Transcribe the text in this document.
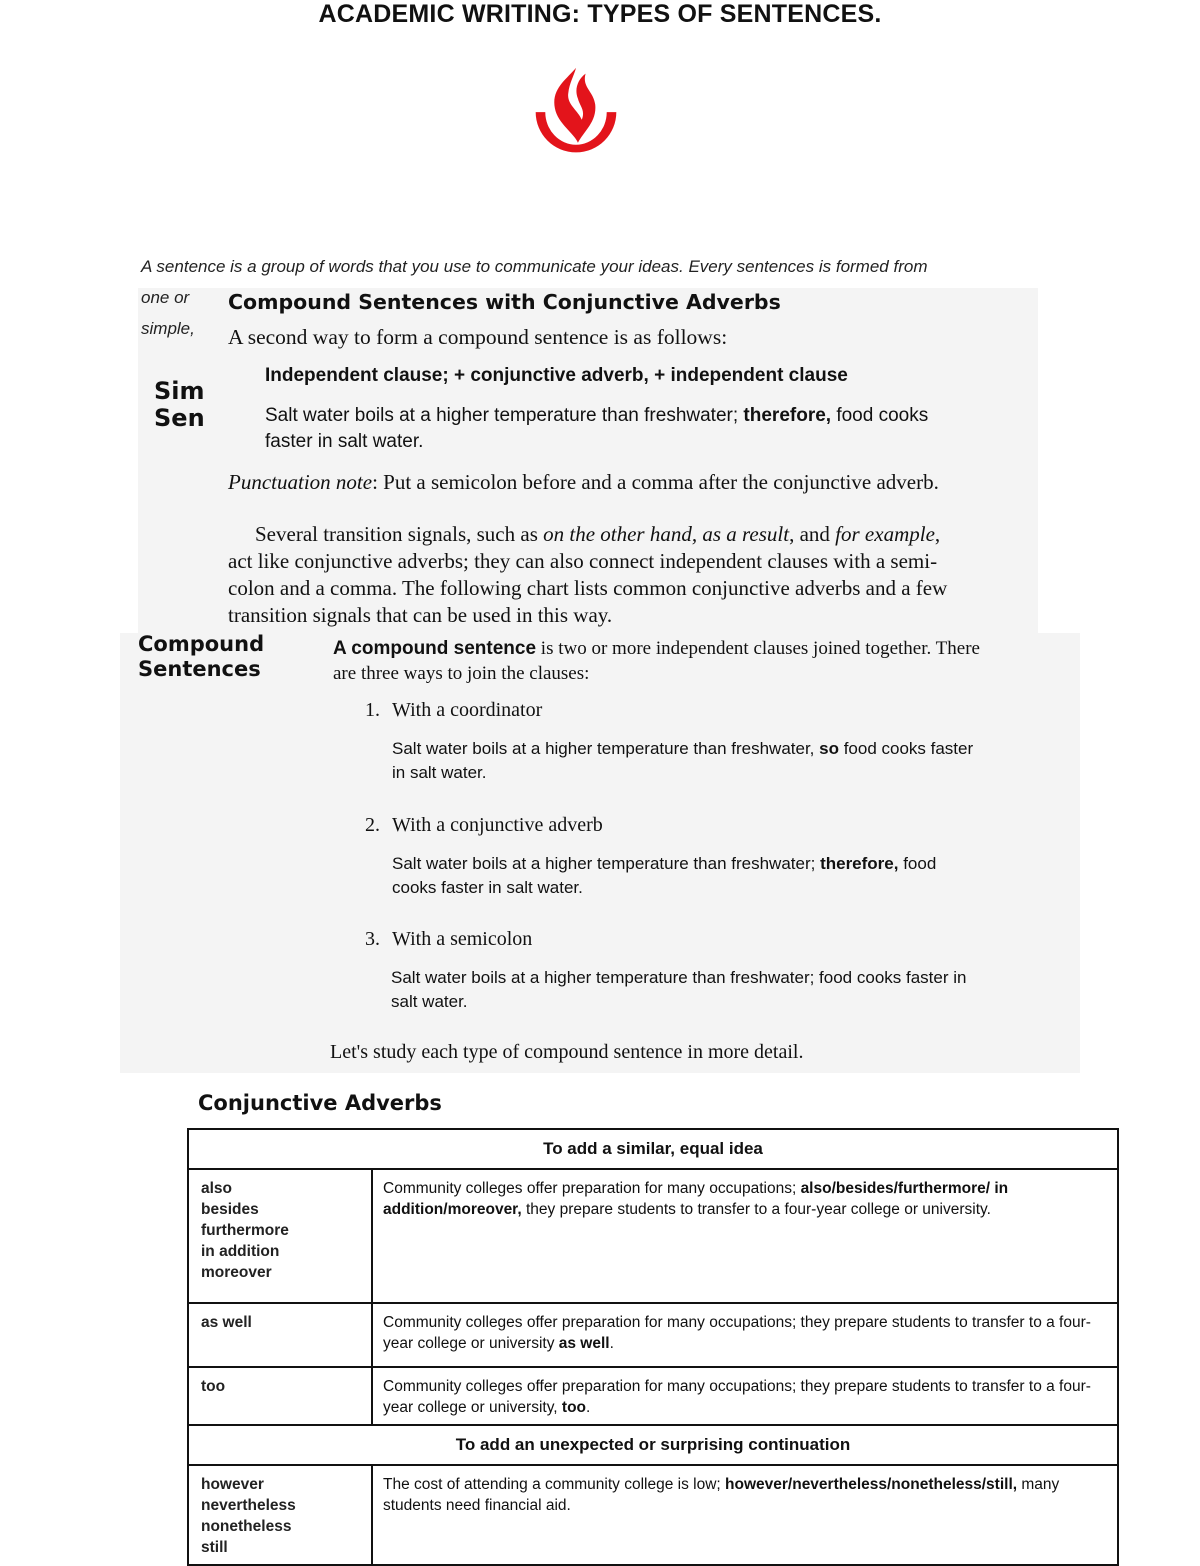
ACADEMIC WRITING: TYPES OF SENTENCES.
A sentence is a group of words that you use to communicate your ideas. Every sentences is formed from
one or
simple,
Sim
Sen
Compound Sentences with Conjunctive Adverbs
A second way to form a compound sentence is as follows:
Independent clause; + conjunctive adverb, + independent clause
Salt water boils at a higher temperature than freshwater; therefore, food cooks
faster in salt water.
Punctuation note: Put a semicolon before and a comma after the conjunctive adverb.
Several transition signals, such as on the other hand, as a result, and for example,
act like conjunctive adverbs; they can also connect independent clauses with a semi-
colon and a comma. The following chart lists common conjunctive adverbs and a few
transition signals that can be used in this way.
Compound
Sentences
A compound sentence is two or more independent clauses joined together. There
are three ways to join the clauses:
1. With a coordinator
Salt water boils at a higher temperature than freshwater, so food cooks faster
in salt water.
2. With a conjunctive adverb
Salt water boils at a higher temperature than freshwater; therefore, food
cooks faster in salt water.
3. With a semicolon
Salt water boils at a higher temperature than freshwater; food cooks faster in
salt water.
Let's study each type of compound sentence in more detail.
Conjunctive Adverbs
To add a similar, equal idea	

also
besides
furthermore
in addition
moreover	Community colleges offer preparation for many occupations; also/besides/furthermore/ in addition/moreover, they prepare students to transfer to a four-year college or university.

as well	Community colleges offer preparation for many occupations; they prepare students to transfer to a four-year college or university as well.

too	Community colleges offer preparation for many occupations; they prepare students to transfer to a four-year college or university, too.
To add an unexpected or surprising continuation	

however
nevertheless
nonetheless
still	The cost of attending a community college is low; however/nevertheless/nonetheless/still, many students need financial aid.
